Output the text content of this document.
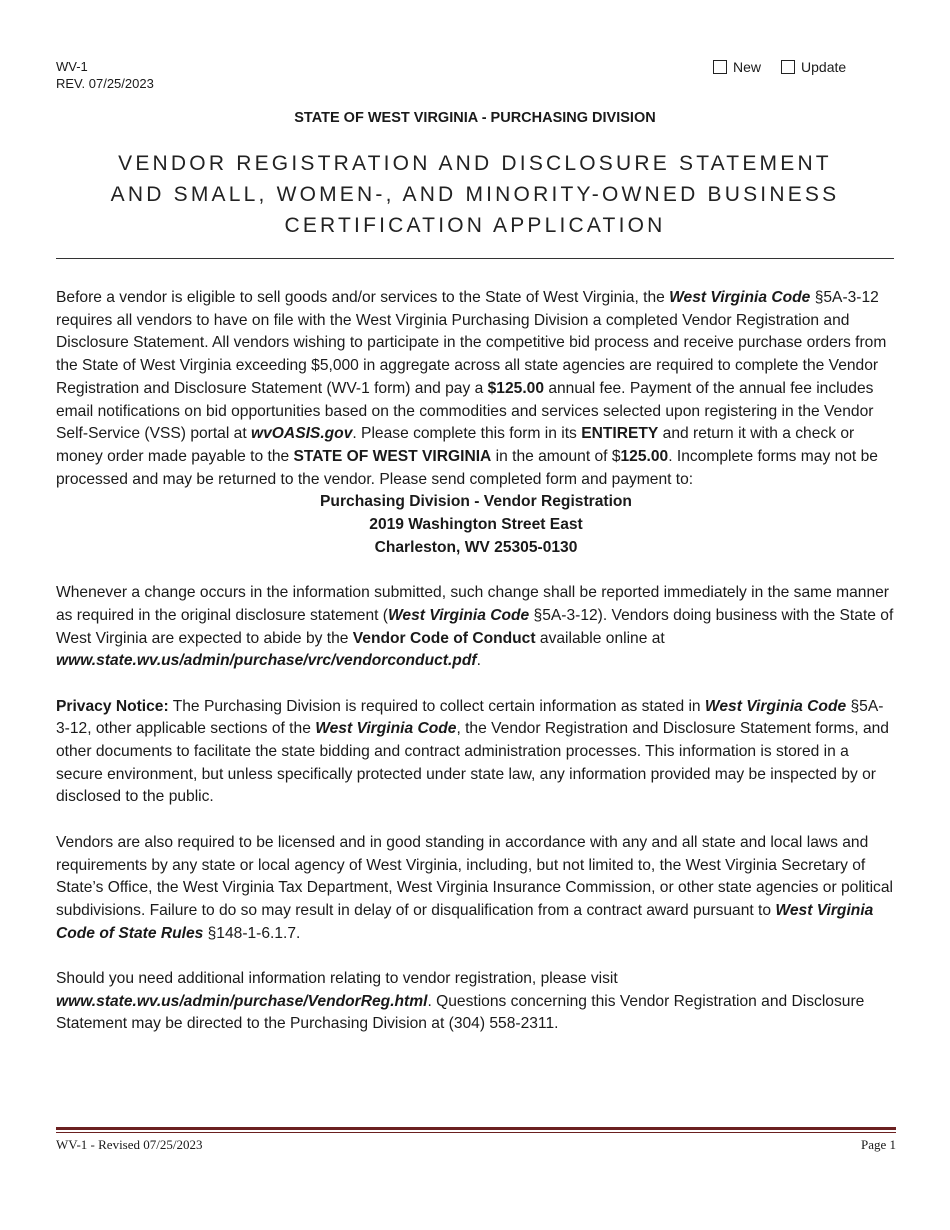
WV-1
REV. 07/25/2023
New	Update
STATE OF WEST VIRGINIA - PURCHASING DIVISION
VENDOR REGISTRATION AND DISCLOSURE STATEMENT
AND SMALL, WOMEN-, AND MINORITY-OWNED BUSINESS
CERTIFICATION APPLICATION

Before a vendor is eligible to sell goods and/or services to the State of West Virginia, the West Virginia Code §5A-3-12 requires all vendors to have on file with the West Virginia Purchasing Division a completed Vendor Registration and Disclosure Statement. All vendors wishing to participate in the competitive bid process and receive purchase orders from the State of West Virginia exceeding $5,000 in aggregate across all state agencies are required to complete the Vendor Registration and Disclosure Statement (WV-1 form) and pay a $125.00 annual fee. Payment of the annual fee includes email notifications on bid opportunities based on the commodities and services selected upon registering in the Vendor Self-Service (VSS) portal at wvOASIS.gov. Please complete this form in its ENTIRETY and return it with a check or money order made payable to the STATE OF WEST VIRGINIA in the amount of $125.00. Incomplete forms may not be processed and may be returned to the vendor. Please send completed form and payment to:

Purchasing Division - Vendor Registration
2019 Washington Street East
Charleston, WV 25305-0130

Whenever a change occurs in the information submitted, such change shall be reported immediately in the same manner as required in the original disclosure statement (West Virginia Code §5A-3-12). Vendors doing business with the State of West Virginia are expected to abide by the Vendor Code of Conduct available online at www.state.wv.us/admin/purchase/vrc/vendorconduct.pdf.

Privacy Notice: The Purchasing Division is required to collect certain information as stated in West Virginia Code §5A-3-12, other applicable sections of the West Virginia Code, the Vendor Registration and Disclosure Statement forms, and other documents to facilitate the state bidding and contract administration processes. This information is stored in a secure environment, but unless specifically protected under state law, any information provided may be inspected by or disclosed to the public.

Vendors are also required to be licensed and in good standing in accordance with any and all state and local laws and requirements by any state or local agency of West Virginia, including, but not limited to, the West Virginia Secretary of State’s Office, the West Virginia Tax Department, West Virginia Insurance Commission, or other state agencies or political subdivisions. Failure to do so may result in delay of or disqualification from a contract award pursuant to West Virginia Code of State Rules §148-1-6.1.7.

Should you need additional information relating to vendor registration, please visit www.state.wv.us/admin/purchase/VendorReg.html. Questions concerning this Vendor Registration and Disclosure Statement may be directed to the Purchasing Division at (304) 558-2311.

WV-1 - Revised 07/25/2023	Page 1
